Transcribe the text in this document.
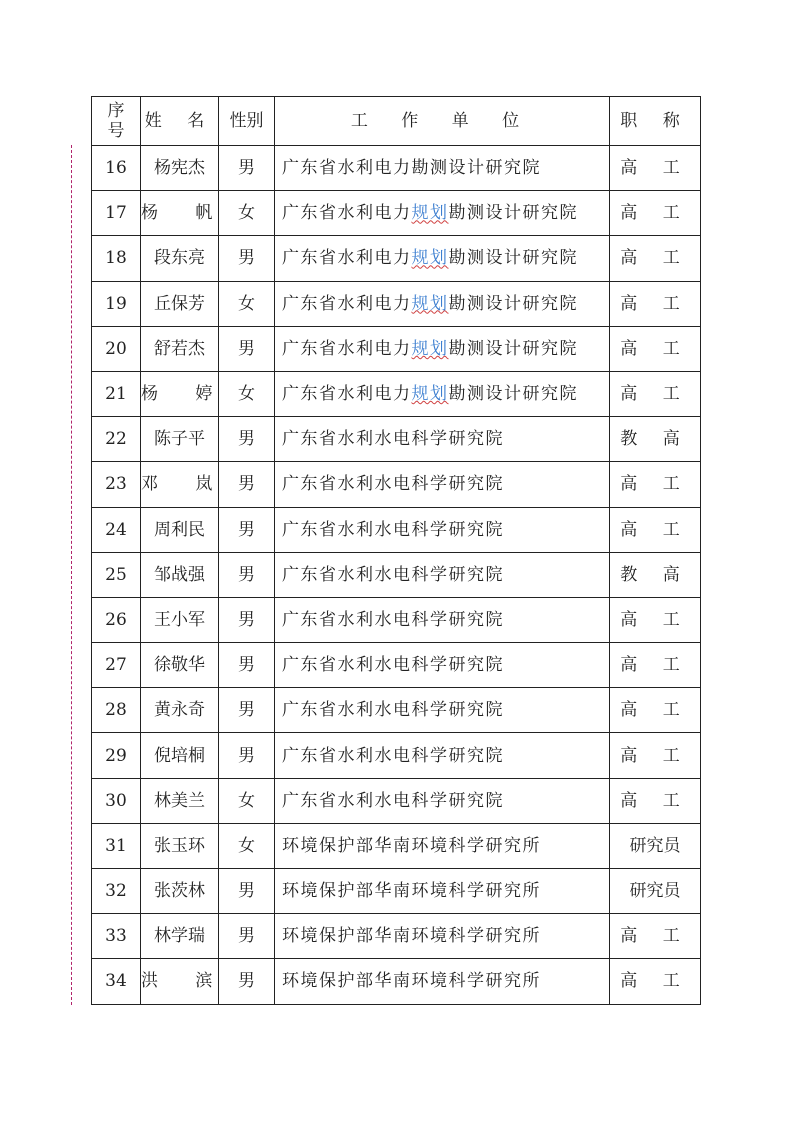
序
号	姓 名	性别	工 作 单 位	职 称
16	杨宪杰	男	广东省水利电力勘测设计研究院	高 工
17	杨 帆	女	广东省水利电力规划勘测设计研究院	高 工
18	段东亮	男	广东省水利电力规划勘测设计研究院	高 工
19	丘保芳	女	广东省水利电力规划勘测设计研究院	高 工
20	舒若杰	男	广东省水利电力规划勘测设计研究院	高 工
21	杨 婷	女	广东省水利电力规划勘测设计研究院	高 工
22	陈子平	男	广东省水利水电科学研究院	教 高
23	邓 岚	男	广东省水利水电科学研究院	高 工
24	周利民	男	广东省水利水电科学研究院	高 工
25	邹战强	男	广东省水利水电科学研究院	教 高
26	王小军	男	广东省水利水电科学研究院	高 工
27	徐敬华	男	广东省水利水电科学研究院	高 工
28	黄永奇	男	广东省水利水电科学研究院	高 工
29	倪培桐	男	广东省水利水电科学研究院	高 工
30	林美兰	女	广东省水利水电科学研究院	高 工
31	张玉环	女	环境保护部华南环境科学研究所	研究员
32	张茨林	男	环境保护部华南环境科学研究所	研究员
33	林学瑞	男	环境保护部华南环境科学研究所	高 工
34	洪 滨	男	环境保护部华南环境科学研究所	高 工
